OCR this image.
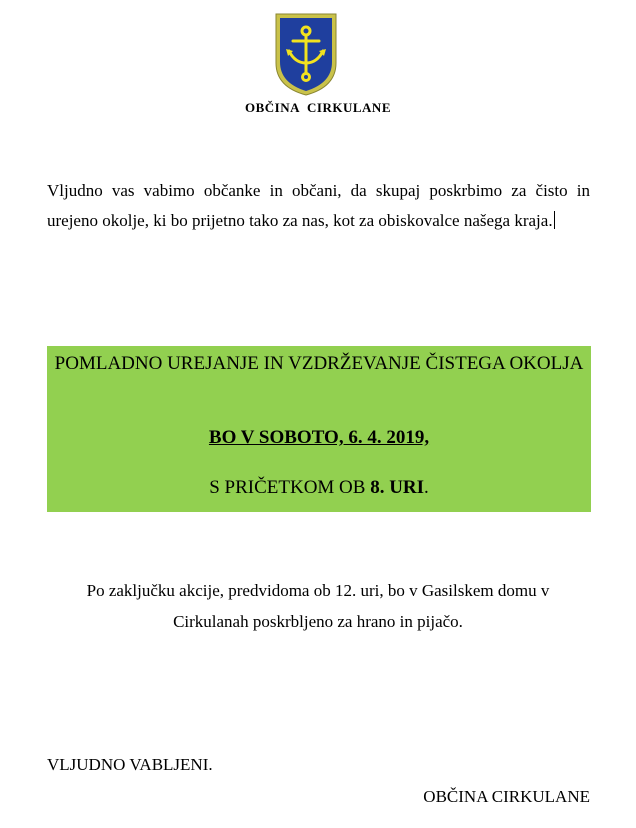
OBČINA CIRKULANE
Vljudno vas vabimo občanke in občani, da skupaj poskrbimo za čisto in urejeno okolje, ki bo prijetno tako za nas, kot za obiskovalce našega kraja.
POMLADNO UREJANJE IN VZDRŽEVANJE ČISTEGA OKOLJA
BO V SOBOTO, 6. 4. 2019,
S PRIČETKOM OB 8. URI.
Po zaključku akcije, predvidoma ob 12. uri, bo v Gasilskem domu v
Cirkulanah poskrbljeno za hrano in pijačo.
VLJUDNO VABLJENI.
OBČINA CIRKULANE
